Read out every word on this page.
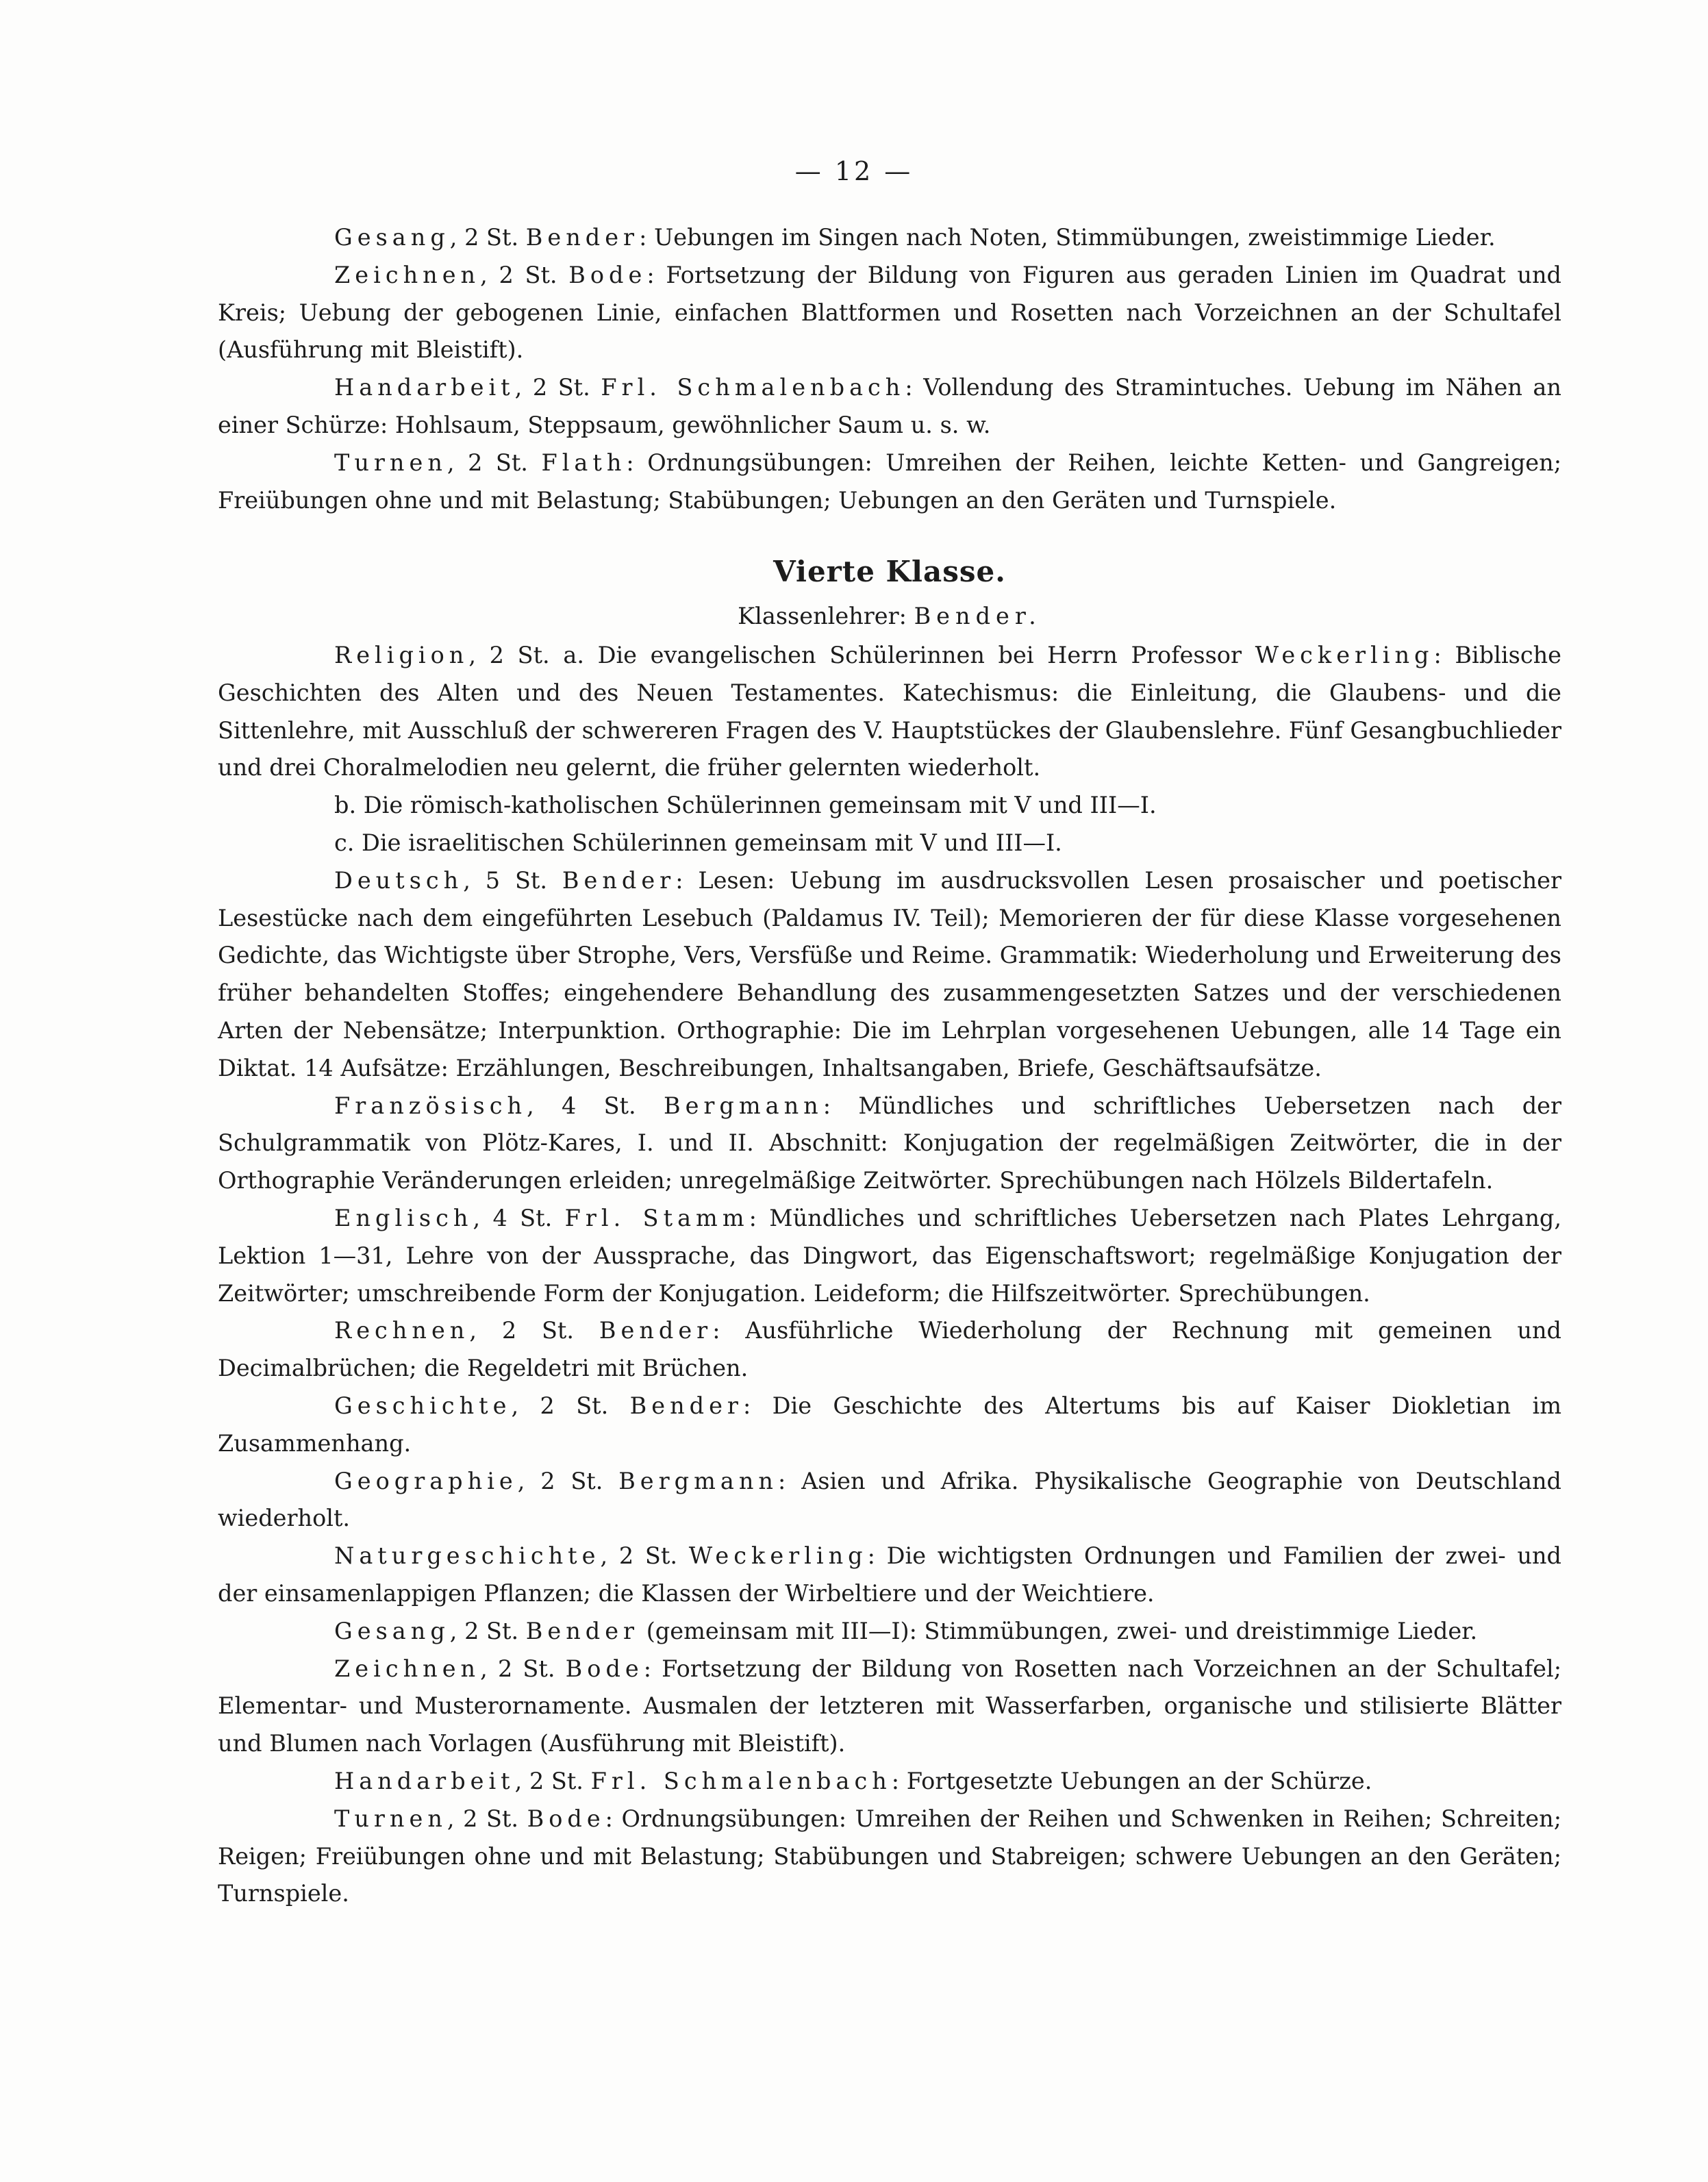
— 12 —

Gesang, 2 St. Bender: Uebungen im Singen nach Noten, Stimmübungen, zweistimmige Lieder.

Zeichnen, 2 St. Bode: Fortsetzung der Bildung von Figuren aus geraden Linien im Quadrat und Kreis; Uebung der gebogenen Linie, einfachen Blattformen und Rosetten nach Vorzeichnen an der Schultafel (Ausführung mit Bleistift).

Handarbeit, 2 St. Frl. Schmalenbach: Vollendung des Stramintuches. Uebung im Nähen an einer Schürze: Hohlsaum, Steppsaum, gewöhnlicher Saum u. s. w.

Turnen, 2 St. Flath: Ordnungsübungen: Umreihen der Reihen, leichte Ketten- und Gangreigen; Freiübungen ohne und mit Belastung; Stabübungen; Uebungen an den Geräten und Turnspiele.

Vierte Klasse.

Klassenlehrer: Bender.

Religion, 2 St. a. Die evangelischen Schülerinnen bei Herrn Professor Weckerling: Biblische Geschichten des Alten und des Neuen Testamentes. Katechismus: die Einleitung, die Glaubens- und die Sittenlehre, mit Ausschluß der schwereren Fragen des V. Hauptstückes der Glaubenslehre. Fünf Gesangbuchlieder und drei Choralmelodien neu gelernt, die früher gelernten wiederholt.

b. Die römisch-katholischen Schülerinnen gemeinsam mit V und III—I.

c. Die israelitischen Schülerinnen gemeinsam mit V und III—I.

Deutsch, 5 St. Bender: Lesen: Uebung im ausdrucksvollen Lesen prosaischer und poetischer Lesestücke nach dem eingeführten Lesebuch (Paldamus IV. Teil); Memorieren der für diese Klasse vorgesehenen Gedichte, das Wichtigste über Strophe, Vers, Versfüße und Reime. Grammatik: Wiederholung und Erweiterung des früher behandelten Stoffes; eingehendere Behandlung des zusammengesetzten Satzes und der verschiedenen Arten der Nebensätze; Interpunktion. Orthographie: Die im Lehrplan vorgesehenen Uebungen, alle 14 Tage ein Diktat. 14 Aufsätze: Erzählungen, Beschreibungen, Inhaltsangaben, Briefe, Geschäftsaufsätze.

Französisch, 4 St. Bergmann: Mündliches und schriftliches Uebersetzen nach der Schulgrammatik von Plötz-Kares, I. und II. Abschnitt: Konjugation der regelmäßigen Zeitwörter, die in der Orthographie Veränderungen erleiden; unregelmäßige Zeitwörter. Sprechübungen nach Hölzels Bildertafeln.

Englisch, 4 St. Frl. Stamm: Mündliches und schriftliches Uebersetzen nach Plates Lehrgang, Lektion 1—31, Lehre von der Aussprache, das Dingwort, das Eigenschaftswort; regelmäßige Konjugation der Zeitwörter; umschreibende Form der Konjugation. Leideform; die Hilfszeitwörter. Sprechübungen.

Rechnen, 2 St. Bender: Ausführliche Wiederholung der Rechnung mit gemeinen und Decimalbrüchen; die Regeldetri mit Brüchen.

Geschichte, 2 St. Bender: Die Geschichte des Altertums bis auf Kaiser Diokletian im Zusammenhang.

Geographie, 2 St. Bergmann: Asien und Afrika. Physikalische Geographie von Deutschland wiederholt.

Naturgeschichte, 2 St. Weckerling: Die wichtigsten Ordnungen und Familien der zwei- und der einsamenlappigen Pflanzen; die Klassen der Wirbeltiere und der Weichtiere.

Gesang, 2 St. Bender (gemeinsam mit III—I): Stimmübungen, zwei- und dreistimmige Lieder.

Zeichnen, 2 St. Bode: Fortsetzung der Bildung von Rosetten nach Vorzeichnen an der Schultafel; Elementar- und Musterornamente. Ausmalen der letzteren mit Wasserfarben, organische und stilisierte Blätter und Blumen nach Vorlagen (Ausführung mit Bleistift).

Handarbeit, 2 St. Frl. Schmalenbach: Fortgesetzte Uebungen an der Schürze.

Turnen, 2 St. Bode: Ordnungsübungen: Umreihen der Reihen und Schwenken in Reihen; Schreiten; Reigen; Freiübungen ohne und mit Belastung; Stabübungen und Stabreigen; schwere Uebungen an den Geräten; Turnspiele.
